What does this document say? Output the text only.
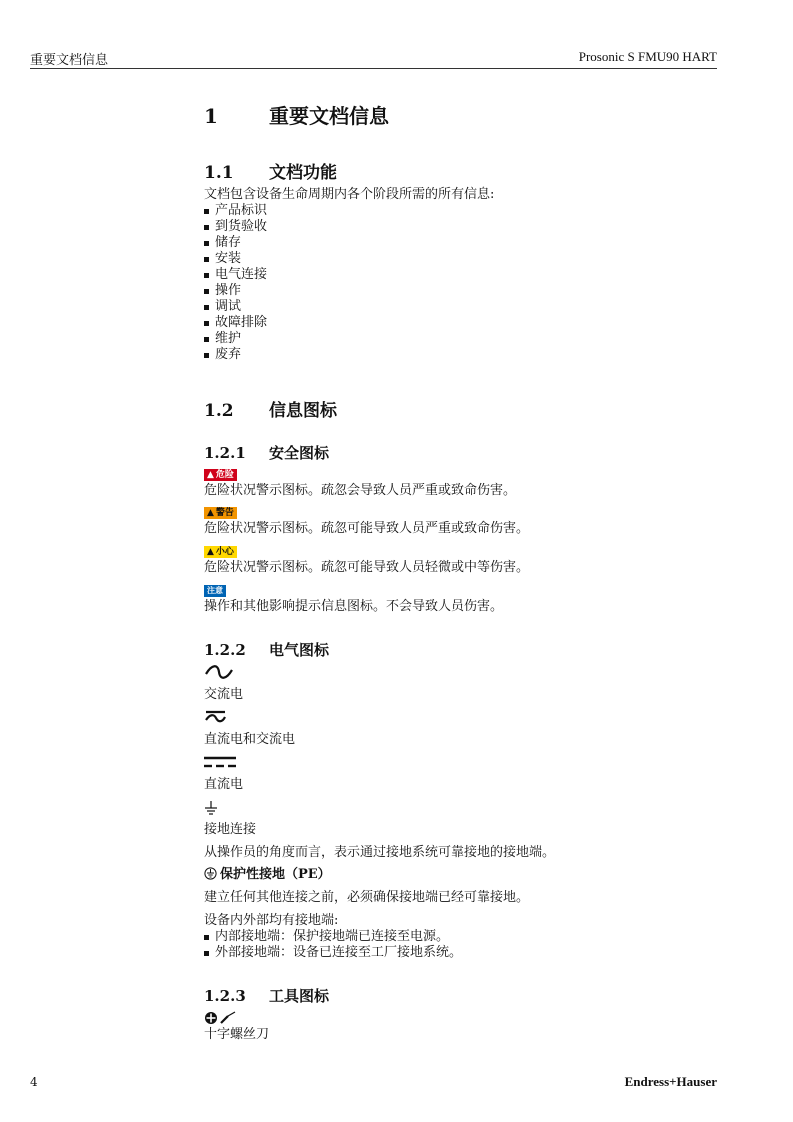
重要文档信息	Prosonic S FMU90 HART
1	重要文档信息
1.1 文档功能
文档包含设备生命周期内各个阶段所需的所有信息:
产品标识
到货验收
储存
安装
电气连接
操作
调试
故障排除
维护
废弃
1.2 信息图标
1.2.1 安全图标
▲ 危险
危险状况警示图标。疏忽会导致人员严重或致命伤害。
▲ 警告
危险状况警示图标。疏忽可能导致人员严重或致命伤害。
▲ 小心
危险状况警示图标。疏忽可能导致人员轻微或中等伤害。
注意
操作和其他影响提示信息图标。不会导致人员伤害。
1.2.2 电气图标
交流电
直流电和交流电
直流电
接地连接
从操作员的角度而言，表示通过接地系统可靠接地的接地端。
保护性接地（PE）
建立任何其他连接之前，必须确保接地端已经可靠接地。
设备内外部均有接地端:
内部接地端：保护接地端已连接至电源。
外部接地端：设备已连接至工厂接地系统。
1.2.3 工具图标
十字螺丝刀
4	Endress+Hauser
